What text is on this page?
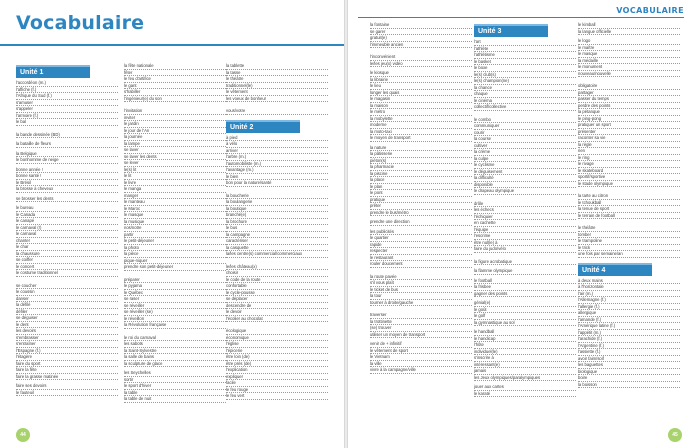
Vocabulaire
Unité 1
l'accordéon (m.)
l'affiche (f.)
l'Afrique du Sud (f.)
s'amuser
s'appeler
l'armoire (f.)
le bal
la bande dessinée (BD)
la bataille de fleurs
la Belgique
le bonhomme de neige
bonne année !
bonne santé !
le Brésil
la brosse à cheveux
se brosser les dents
le bureau
le Canada
le canapé
le carnaval (!)
le carnaval
chanter
le char
la chaussure
se coiffer
le concert
le costume traditionnel
se coucher
le coussin
danser
la défilé
défiler
se déguiser
le dent
les devoirs
s'embrasser
s'entraîner
l'Espagne (f.)
l'étagère
faire du sport
faire la fête
faire la grasse matinée
faire ses devoirs
le fauteuil
la fête nationale
fêter
le feu d'artifice
le gant
s'habiller
l'ingénieur(e) du son
l'invitation
inviter
le jardin
le jour de l'An
la journée
la lampe
se laver
se laver les dents
se lever
le(s) lit
le lit
le livre
le manga
manger
le manteau
le Maroc
le masque
la musique
nos/notre
partir
le petit-déjeuner
la photo
la pièce
pique-niquer
prendre son petit-déjeuner
préparer
le pyjama
le Québec
se raser
se réveiller
se réveiller (se)
le réveillon
la Révolution française
le roi du carnaval
les sabots
la Saint-Sylvestre
la salle de bains
la sculpture de glace
les Seychelles
sortir
le sport d'hiver
la table
la table de nuit
la tablette
la tasse
le théâtre
traditionnel(le)
le vêtement
les voeux de bonheur
vous/votre
Unité 2
à pied
à vélo
arriver
l'arbre (m.)
l'automobiliste (m.)
l'avantage (m.)
le bien
bon pour la nature/santé
la boucherie
la boulangerie
la boutique
branché(e)
la brochure
le bus
la campagne
caractériser
la casquette
la/les centre(s) commercial/commerciaux
le/les château(x)
choisir
le code de la route
confortable
le cycle-pousse
se déplacer
descendre de
le devoir
l'écolier au chocolat
écologique
économique
l'église
l'épicerie
être loin (de)
être près (de)
l'explication
expliquer
facile
le feu rouge
le feu vert
44
VOCABULAIRE
la fontaine
se garer
gratuit(e)
l'immeuble ancien
l'inconvénient
le/les jeu(x) vidéo
le kiosque
la librairie
le lieu
longer les quais
le magasin
la maison
le métro
la mobylette
moderne
la moto-taxi
le moyen de transport
la nature
la pâtisserie
piéton(s)
la pharmacie
la piscine
la place
le plan
le pont
pratique
prêter
prendre le bus/métro
prendre une direction
les publicités
le quartier
rapide
respecter
le restaurant
rouler doucement
la route pavée
s'il vous plaît
le ticket de bus
la tour
tourner à droite/gauche
traverser
la trottinette
(se) trouver
utiliser un moyen de transport
venir de + infinitif
le vêtement de sport
le Vietnam
la ville
vivre à la campagne/ville
Unité 3
l'art
l'athlète
l'athlétisme
le basket
le boxe
le(s) club(s)
le(s) champion(ne)
la chance
chaque
le cinéma
collectif/collective
le combo
communiquer
courir
la course
cultiver
la crème
la culpe
le cyclisme
le déguisement
la difficulté
disponible
le drapeau olympique
drôle
les échecs
l'échiquier
en cachette
l'équipe
l'escrime
être nul(le) à
faire du judo/vélo
la figure acrobatique
la flamme olympique
le football
la frisbee
gagner des points
génial(e)
le goût
le golf
la gymnastique au sol
le handball
le handicap
l'hôte
individuel(le)
s'inscrire à
intéressant(e)
jamais
les Jeux olympiques/paralympiques
jouer aux cartes
le karaté
le kimball
la langue officielle
le logo
le maître
le masque
la médaille
le monument
nouveau/nouvelle
obligatoire
partager
passer du temps
perdre des points
la pétanque
le ping-pong
pratiquer un sport
présenter
raconter sa vie
la règle
rien
le ring
le rivage
le skateboard
sportif/sportive
le stade olympique
la tarte au citron
le tchoukball
la tenue de sport
le terrain de football
le théâtre
tomber
le trampoline
le trick
une fois par semaine/an
Unité 4
à deux mains
à l'horizontale
l'air (m.)
l'Allemagne (f.)
l'allergie (f.)
allergique
l'amande (f.)
l'Amérique latine (f.)
l'appétit (m.)
l'arachide (f.)
l'Argentine (f.)
l'assiette (f.)
avoir faim/soif
les baguettes
biologique
boire
la boisson
45
